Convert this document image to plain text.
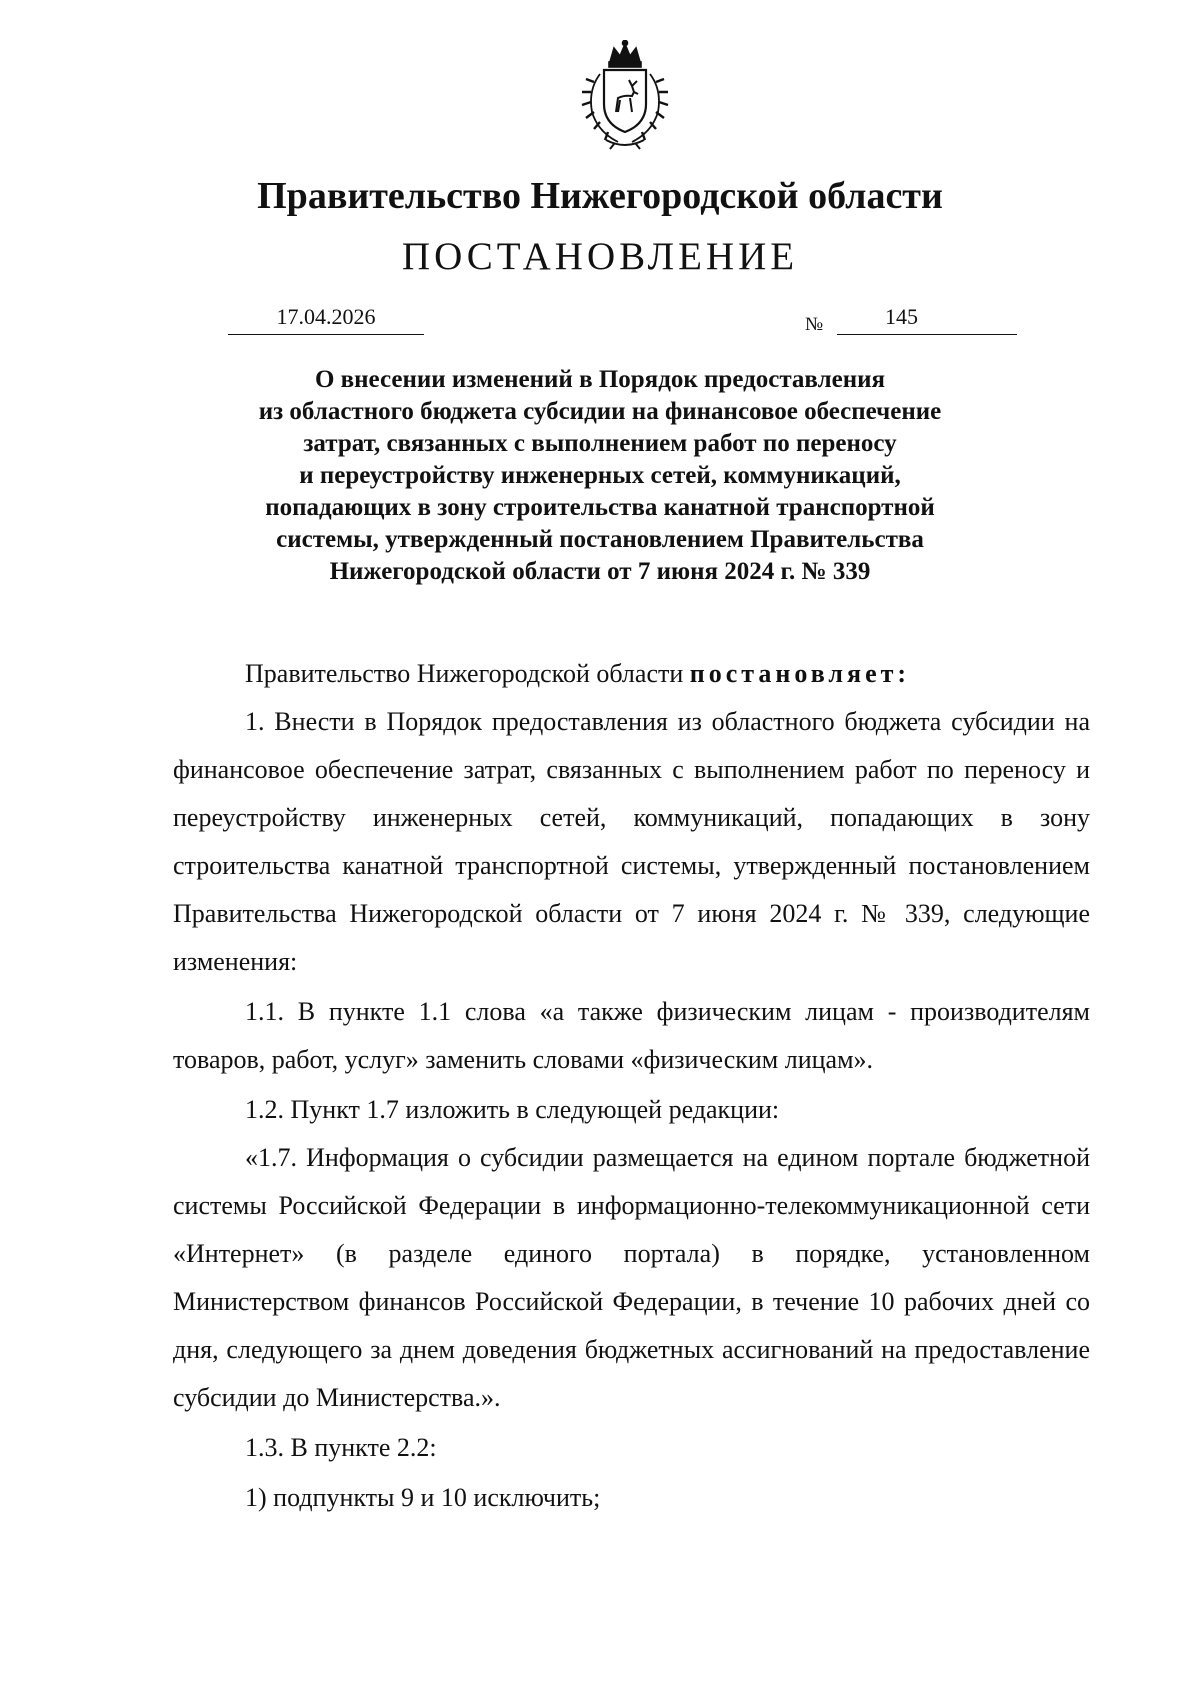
Правительство Нижегородской области
ПОСТАНОВЛЕНИЕ
17.04.2026	№	145
О внесении изменений в Порядок предоставления
из областного бюджета субсидии на финансовое обеспечение
затрат, связанных с выполнением работ по переносу
и переустройству инженерных сетей, коммуникаций,
попадающих в зону строительства канатной транспортной
системы, утвержденный постановлением Правительства
Нижегородской области от 7 июня 2024 г. № 339

Правительство Нижегородской области постановляет:

1. Внести в Порядок предоставления из областного бюджета субсидии на финансовое обеспечение затрат, связанных с выполнением работ по переносу и переустройству инженерных сетей, коммуникаций, попадающих в зону строительства канатной транспортной системы, утвержденный постановлением Правительства Нижегородской области от 7 июня 2024 г. № 339, следующие изменения:

1.1. В пункте 1.1 слова «а также физическим лицам - производителям товаров, работ, услуг» заменить словами «физическим лицам».

1.2. Пункт 1.7 изложить в следующей редакции:

«1.7. Информация о субсидии размещается на едином портале бюджетной системы Российской Федерации в информационно-телекоммуникационной сети «Интернет» (в разделе единого портала) в порядке, установленном Министерством финансов Российской Федерации, в течение 10 рабочих дней со дня, следующего за днем доведения бюджетных ассигнований на предоставление субсидии до Министерства.».

1.3. В пункте 2.2:

1) подпункты 9 и 10 исключить;
